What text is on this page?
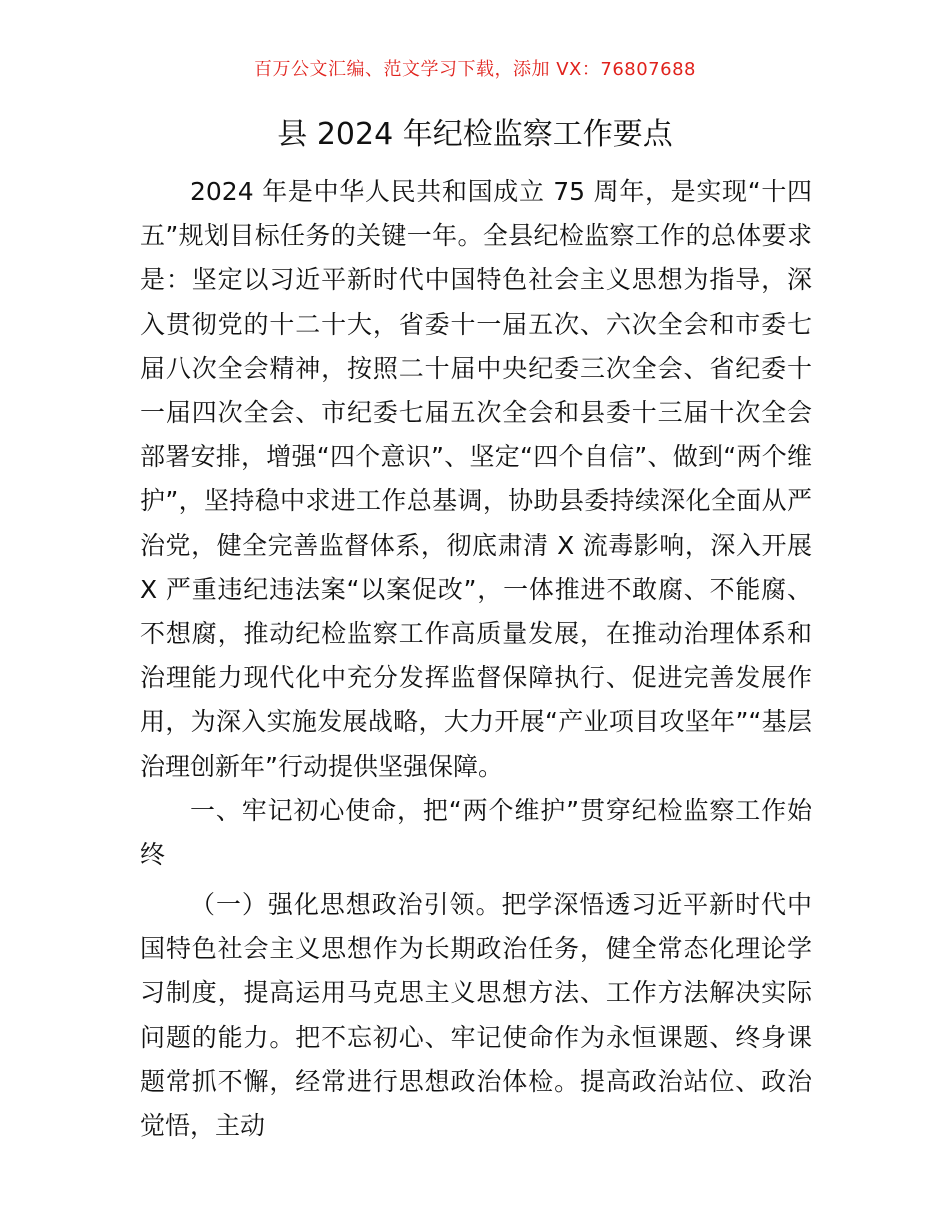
百万公文汇编、范文学习下载，添加 VX：76807688
县 2024 年纪检监察工作要点

2024 年是中华人民共和国成立 75 周年，是实现“十四五”规划目标任务的关键一年。全县纪检监察工作的总体要求是：坚定以习近平新时代中国特色社会主义思想为指导，深入贯彻党的十二十大，省委十一届五次、六次全会和市委七届八次全会精神，按照二十届中央纪委三次全会、省纪委十一届四次全会、市纪委七届五次全会和县委十三届十次全会部署安排，增强“四个意识”、坚定“四个自信”、做到“两个维护”，坚持稳中求进工作总基调，协助县委持续深化全面从严治党，健全完善监督体系，彻底肃清 X 流毒影响，深入开展 X 严重违纪违法案“以案促改”，一体推进不敢腐、不能腐、不想腐，推动纪检监察工作高质量发展，在推动治理体系和治理能力现代化中充分发挥监督保障执行、促进完善发展作用，为深入实施发展战略，大力开展“产业项目攻坚年”“基层治理创新年”行动提供坚强保障。

一、牢记初心使命，把“两个维护”贯穿纪检监察工作始终

（一）强化思想政治引领。把学深悟透习近平新时代中国特色社会主义思想作为长期政治任务，健全常态化理论学习制度，提高运用马克思主义思想方法、工作方法解决实际问题的能力。把不忘初心、牢记使命作为永恒课题、终身课题常抓不懈，经常进行思想政治体检。提高政治站位、政治觉悟，主动
